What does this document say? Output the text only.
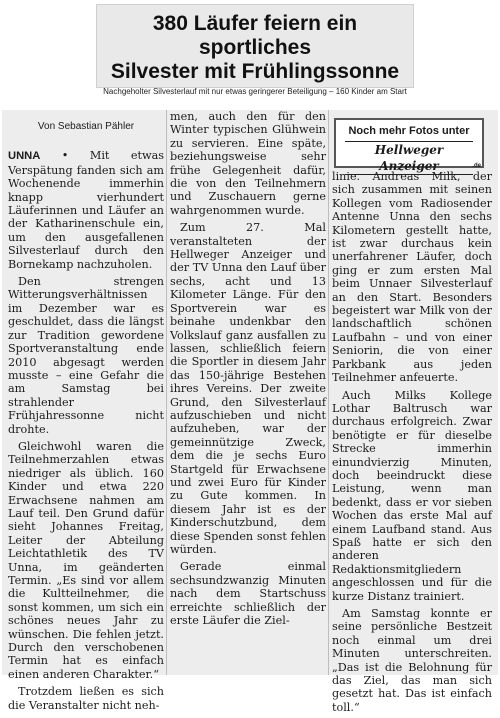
380 Läufer feiern ein sportliches
Silvester mit Frühlingssonne
Nachgeholter Silvesterlauf mit nur etwas geringerer Beteiligung – 160 Kinder am Start
Von Sebastian Pähler

UNNA • Mit etwas Verspätung fanden sich am Wochenende immerhin knapp vierhundert Läuferinnen und Läufer an der Katharinenschule ein, um den ausgefallenen Silvesterlauf durch den Bornekamp nachzuholen.

Den strengen Witterungsverhältnissen im Dezember war es geschuldet, dass die längst zur Tradition gewordene Sportveranstaltung ende 2010 abgesagt werden musste – eine Gefahr die am Samstag bei strahlender Frühjahressonne nicht drohte.

Gleichwohl waren die Teilnehmerzahlen etwas niedriger als üblich. 160 Kinder und etwa 220 Erwachsene nahmen am Lauf teil. Den Grund dafür sieht Johannes Freitag, Leiter der Abteilung Leichtathletik des TV Unna, im geänderten Termin. „Es sind vor allem die Kultteilnehmer, die sonst kommen, um sich ein schönes neues Jahr zu wünschen. Die fehlen jetzt. Durch den verschobenen Termin hat es einfach einen anderen Charakter.“

Trotzdem ließen es sich die Veranstalter nicht neh-

men, auch den für den Winter typischen Glühwein zu servieren. Eine späte, beziehungsweise sehr frühe Gelegenheit dafür, die von den Teilnehmern und Zuschauern gerne wahrgenommen wurde.

Zum 27. Mal veranstalteten der Hellweger Anzeiger und der TV Unna den Lauf über sechs, acht und 13 Kilometer Länge. Für den Sportverein war es beinahe undenkbar den Volkslauf ganz ausfallen zu lassen, schließlich feiern die Sportler in diesem Jahr das 150-jährige Bestehen ihres Vereins. Der zweite Grund, den Silvesterlauf aufzuschieben und nicht aufzuheben, war der gemeinnützige Zweck, dem die je sechs Euro Startgeld für Erwachsene und zwei Euro für Kinder zu Gute kommen. In diesem Jahr ist es der Kinderschutzbund, dem diese Spenden sonst fehlen würden.

Gerade einmal sechsundzwanzig Minuten nach dem Startschuss erreichte schließlich der erste Läufer die Ziel-

linie. Andreas Milk, der sich zusammen mit seinen Kollegen vom Radiosender Antenne Unna den sechs Kilometern gestellt hatte, ist zwar durchaus kein unerfahrener Läufer, doch ging er zum ersten Mal beim Unnaer Silvesterlauf an den Start. Besonders begeistert war Milk von der landschaftlich schönen Laufbahn – und von einer Seniorin, die von einer Parkbank aus jeden Teilnehmer anfeuerte.

Auch Milks Kollege Lothar Baltrusch war durchaus erfolgreich. Zwar benötigte er für dieselbe Strecke immerhin einundvierzig Minuten, doch beeindruckt diese Leistung, wenn man bedenkt, dass er vor sieben Wochen das erste Mal auf einem Laufband stand. Aus Spaß hatte er sich den anderen Redaktionsmitgliedern angeschlossen und für die kurze Distanz trainiert.

Am Samstag konnte er seine persönliche Bestzeit noch einmal um drei Minuten unterschreiten. „Das ist die Belohnung für das Ziel, das man sich gesetzt hat. Das ist einfach toll.“

Noch mehr Fotos unter
Hellweger Anzeiger	.de
